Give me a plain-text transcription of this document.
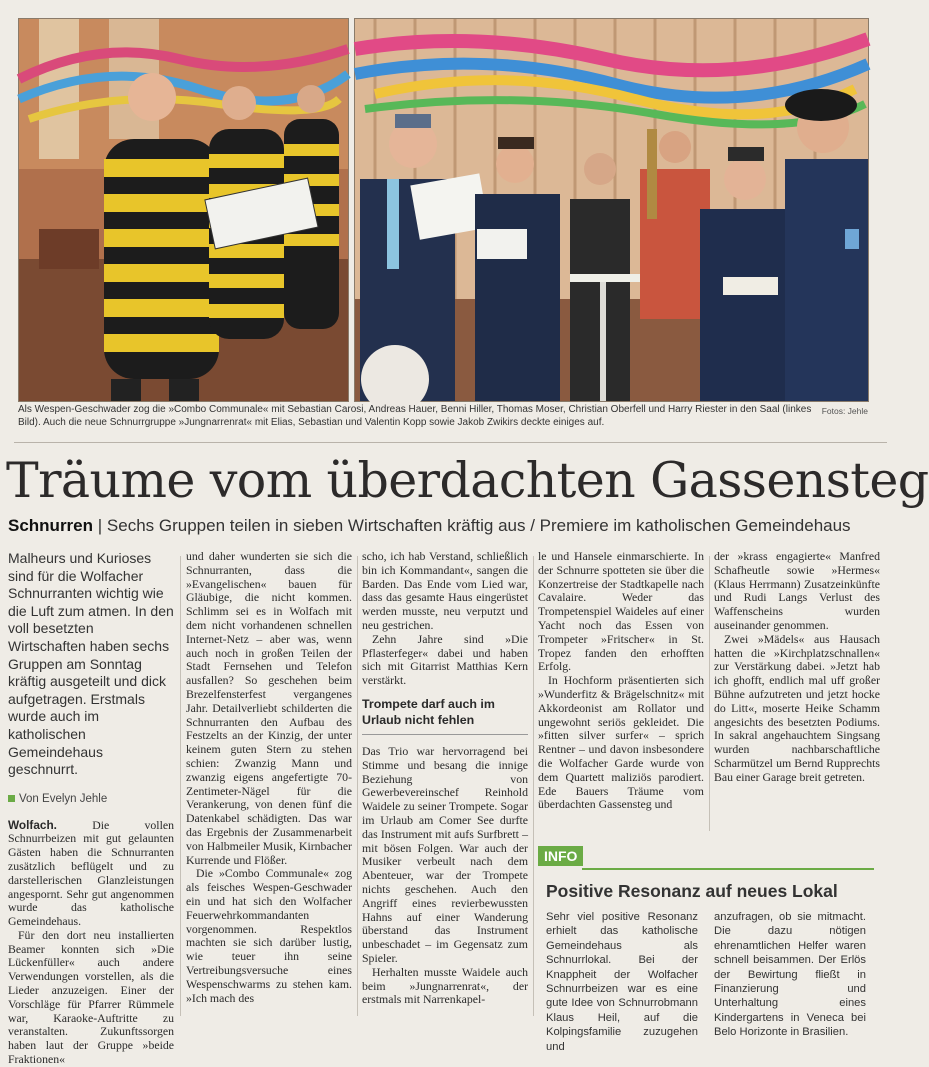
Fotos: Jehle
Als Wespen-Geschwader zog die »Combo Communale« mit Sebastian Carosi, Andreas Hauer, Benni Hiller, Thomas Moser, Christian Oberfell und Harry Riester in den Saal (linkes Bild). Auch die neue Schnurrgruppe »Jungnarrenrat« mit Elias, Sebastian und Valentin Kopp sowie Jakob Zwikirs deckte einiges auf.
Träume vom überdachten Gassensteg
Schnurren | Sechs Gruppen teilen in sieben Wirtschaften kräftig aus / Premiere im katholischen Gemeindehaus
Malheurs und Kurioses sind für die Wolfacher Schnurranten wichtig wie die Luft zum atmen. In den voll besetzten Wirtschaften haben sechs Gruppen am Sonntag kräftig ausgeteilt und dick aufgetragen. Erstmals wurde auch im katholischen Gemeindehaus geschnurrt.
Von Evelyn Jehle

Wolfach.	Die vollen Schnurrbeizen mit gut gelaunten Gästen haben die Schnurranten zusätzlich beflügelt und zu darstellerischen Glanzleistungen angespornt. Sehr gut angenommen wurde das katholische Gemeindehaus.

Für den dort neu installierten Beamer konnten sich »Die Lückenfüller« auch andere Verwendungen vorstellen, als die Lieder anzuzeigen. Einer der Vorschläge für Pfarrer Rümmele war, Karaoke-Auftritte zu veranstalten. Zukunftssorgen haben laut der Gruppe »beide Fraktionen«

und daher wunderten sie sich die Schnurranten, dass die »Evangelischen« bauen für Gläubige, die nicht kommen. Schlimm sei es in Wolfach mit dem nicht vorhandenen schnellen Internet-Netz – aber was, wenn auch noch in großen Teilen der Stadt Fernsehen und Telefon ausfallen? So geschehen beim Brezelfensterfest vergangenes Jahr. Detailverliebt schilderten die Schnurranten den Aufbau des Festzelts an der Kinzig, der unter keinem guten Stern zu stehen schien: Zwanzig Mann und zwanzig eigens angefertigte 70-Zentimeter-Nägel für die Verankerung, von denen fünf die Datenkabel schädigten. Das war das Ergebnis der Zusammenarbeit von Halbmeiler Musik, Kirnbacher Kurrende und Flößer.

Die »Combo Communale« zog als feisches Wespen-Geschwader ein und hat sich den Wolfacher Feuerwehrkommandanten vorgenommen. Respektlos machten sie sich darüber lustig, wie teuer ihn seine Vertreibungsversuche eines Wespenschwarms zu stehen kam. »Ich mach des

scho, ich hab Verstand, schließlich bin ich Kommandant«, sangen die Barden. Das Ende vom Lied war, dass das gesamte Haus eingerüstet werden musste, neu verputzt und neu gestrichen.

Zehn Jahre sind »Die Pflasterfeger« dabei und haben sich mit Gitarrist Matthias Kern verstärkt.

Trompete darf auch im Urlaub nicht fehlen

Das Trio war hervorragend bei Stimme und besang die innige Beziehung von Gewerbevereinschef Reinhold Waidele zu seiner Trompete. Sogar im Urlaub am Comer See durfte das Instrument mit aufs Surfbrett – mit bösen Folgen. War auch der Musiker verbeult nach dem Abenteuer, war der Trompete nichts geschehen. Auch den Angriff eines revierbewussten Hahns auf einer Wanderung überstand das Instrument unbeschadet – im Gegensatz zum Spieler.

Herhalten musste Waidele auch beim »Jungnarrenrat«, der erstmals mit Narrenkapel-

le und Hansele einmarschierte. In der Schnurre spotteten sie über die Konzertreise der Stadtkapelle nach Cavalaire. Weder das Trompetenspiel Waideles auf einer Yacht noch das Essen von Trompeter »Fritscher« in St. Tropez fanden den erhofften Erfolg.

In Hochform präsentierten sich »Wunderfitz & Brägelschnitz« mit Akkordeonist am Rollator und ungewohnt seriös gekleidet. Die »fitten silver surfer« – sprich Rentner – und davon insbesondere die Wolfacher Garde wurde von dem Quartett maliziös parodiert. Ede Bauers Träume vom überdachten Gassensteg und

der »krass engagierte« Manfred Schafheutle sowie »Hermes« (Klaus Herrmann) Zusatzeinkünfte und Rudi Langs Verlust des Waffenscheins wurden auseinander genommen.

Zwei »Mädels« aus Hausach hatten die »Kirchplatzschnallen« zur Verstärkung dabei. »Jetzt hab ich ghofft, endlich mal uff großer Bühne aufzutreten und jetzt hocke do Litt«, moserte Heike Schamm angesichts des besetzten Podiums. In sakral angehauchtem Singsang wurden nachbarschaftliche Scharmützel um Bernd Rupprechts Bau einer Garage breit getreten.

INFO
Positive Resonanz auf neues Lokal
Sehr viel positive Resonanz erhielt das katholische Gemeindehaus als Schnurrlokal. Bei der Knappheit der Wolfacher Schnurrbeizen war es eine gute Idee von Schnurrobmann Klaus Heil, auf die Kolpingsfamilie zuzugehen und
anzufragen, ob sie mitmacht. Die dazu nötigen ehrenamtlichen Helfer waren schnell beisammen. Der Erlös der Bewirtung fließt in Finanzierung und Unterhaltung eines Kindergartens in Veneca bei Belo Horizonte in Brasilien.
